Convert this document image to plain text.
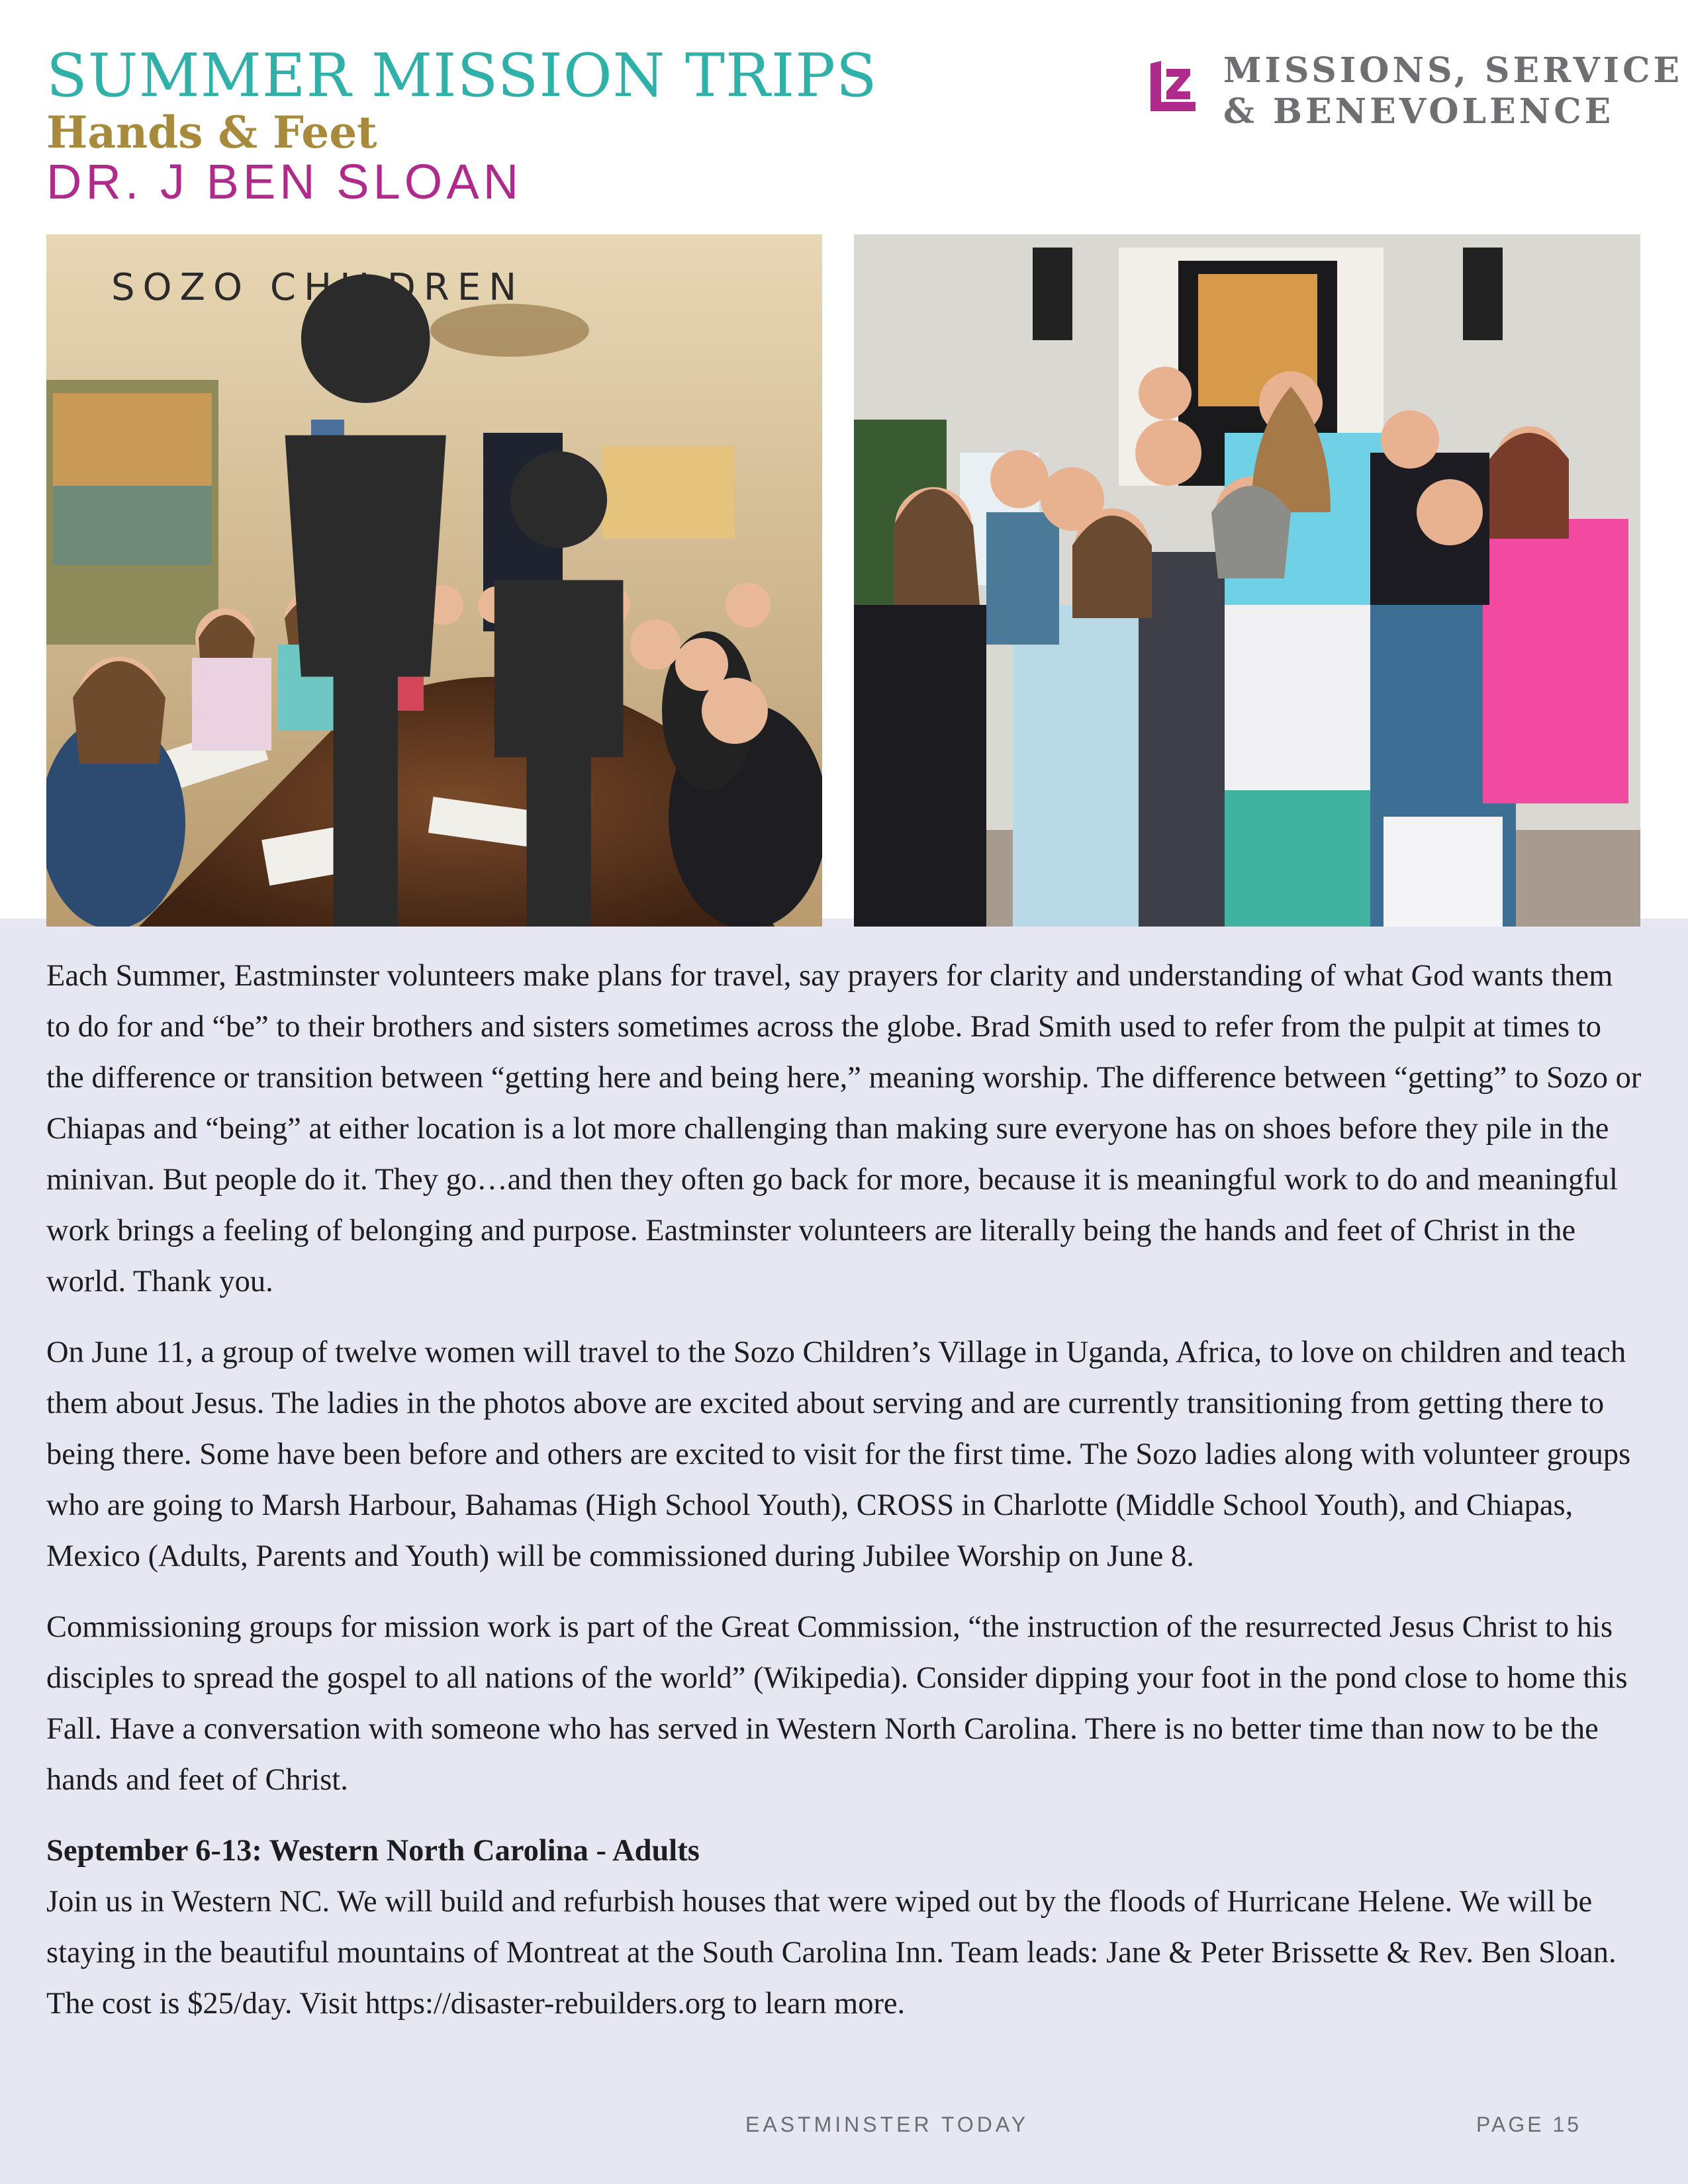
SUMMER MISSION TRIPS
Hands & Feet
DR. J BEN SLOAN
MISSIONS, SERVICE
& BENEVOLENCE
SOZO CHILDREN

Each Summer, Eastminster volunteers make plans for travel, say prayers for clarity and understanding of what God wants them to do for and “be” to their brothers and sisters sometimes across the globe. Brad Smith used to refer from the pulpit at times to the difference or transition between “getting here and being here,” meaning worship. The difference between “getting” to Sozo or Chiapas and “being” at either location is a lot more challenging than making sure everyone has on shoes before they pile in the minivan. But people do it. They go…and then they often go back for more, because it is meaningful work to do and meaningful work brings a feeling of belonging and purpose. Eastminster volunteers are literally being the hands and feet of Christ in the world. Thank you.

On June 11, a group of twelve women will travel to the Sozo Children’s Village in Uganda, Africa, to love on children and teach them about Jesus. The ladies in the photos above are excited about serving and are currently transitioning from getting there to being there. Some have been before and others are excited to visit for the first time. The Sozo ladies along with volunteer groups who are going to Marsh Harbour, Bahamas (High School Youth), CROSS in Charlotte (Middle School Youth), and Chiapas, Mexico (Adults, Parents and Youth) will be commissioned during Jubilee Worship on June 8.

Commissioning groups for mission work is part of the Great Commission, “the instruction of the resurrected Jesus Christ to his disciples to spread the gospel to all nations of the world” (Wikipedia). Consider dipping your foot in the pond close to home this Fall. Have a conversation with someone who has served in Western North Carolina. There is no better time than now to be the hands and feet of Christ.

September 6-13: Western North Carolina - Adults
Join us in Western NC. We will build and refurbish houses that were wiped out by the floods of Hurricane Helene. We will be staying in the beautiful mountains of Montreat at the South Carolina Inn. Team leads: Jane & Peter Brissette & Rev. Ben Sloan. The cost is $25/day. Visit https://disaster-rebuilders.org to learn more.
EASTMINSTER TODAY	PAGE 15
